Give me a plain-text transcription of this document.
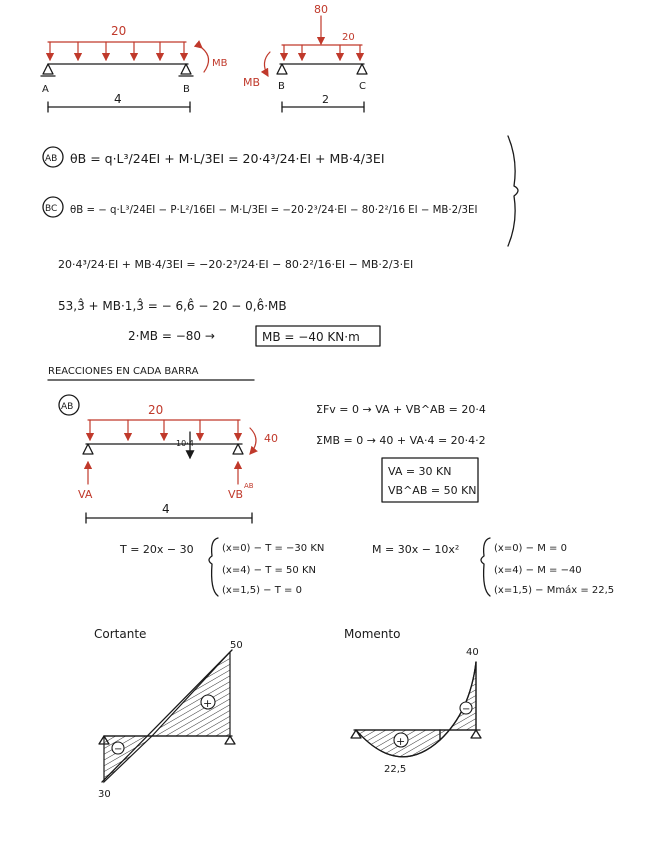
20
MB
A	B
4
80
20
MB B	C
2
AB θB = q·L³/24EI + M·L/3EI = 20·4³/24·EI + MB·4/3EI
BC θB = − q·L³/24EI − P·L²/16EI − M·L/3EI = −20·2³/24·EI − 80·2²/16 EI − MB·2/3EI
20·4³/24·EI + MB·4/3EI = −20·2³/24·EI − 80·2²/16·EI − MB·2/3·EI
53,3̂ + MB·1,3̂ = − 6,6̂ − 20 − 0,6̂·MB
2·MB = −80 →	MB = −40 KN·m
REACCIONES EN CADA BARRA
AB	20
10·4	40
VA	VB
AB
4
ΣFv = 0 → VA + VB^AB = 20·4
ΣMB = 0 → 40 + VA·4 = 20·4·2
VA = 30 KN
VB^AB = 50 KN
T = 20x − 30	(x=0) − T = −30 KN
(x=4) − T = 50 KN
(x=1,5) − T = 0
M = 30x − 10x²	(x=0) − M = 0
(x=4) − M = −40
(x=1,5) − Mmáx = 22,5
Cortante
+
−
50
30
Momento
+
−
40
22,5
